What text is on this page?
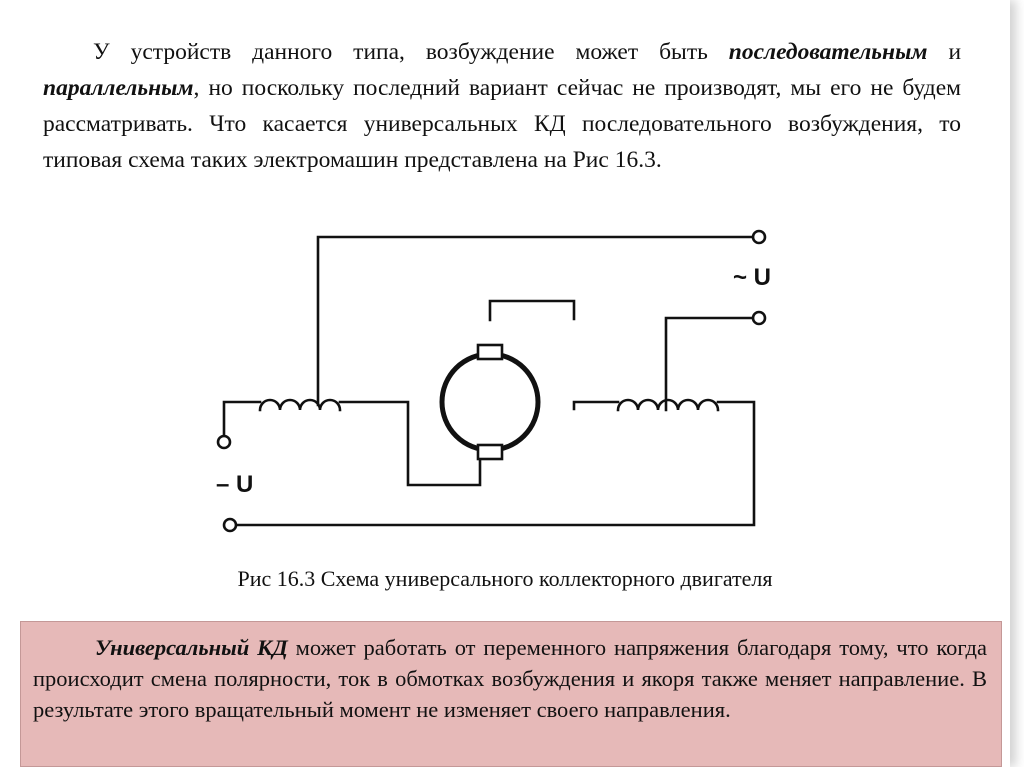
У устройств данного типа, возбуждение может быть последовательным и параллельным, но поскольку последний вариант сейчас не производят, мы его не будем рассматривать. Что касается универсальных КД последовательного возбуждения, то типовая схема таких электромашин представлена на Рис 16.3.

~ U
– U

Рис 16.3 Схема универсального коллекторного двигателя

Универсальный КД может работать от переменного напряжения благодаря тому, что когда происходит смена полярности, ток в обмотках возбуждения и якоря также меняет направление. В результате этого вращательный момент не изменяет своего направления.
